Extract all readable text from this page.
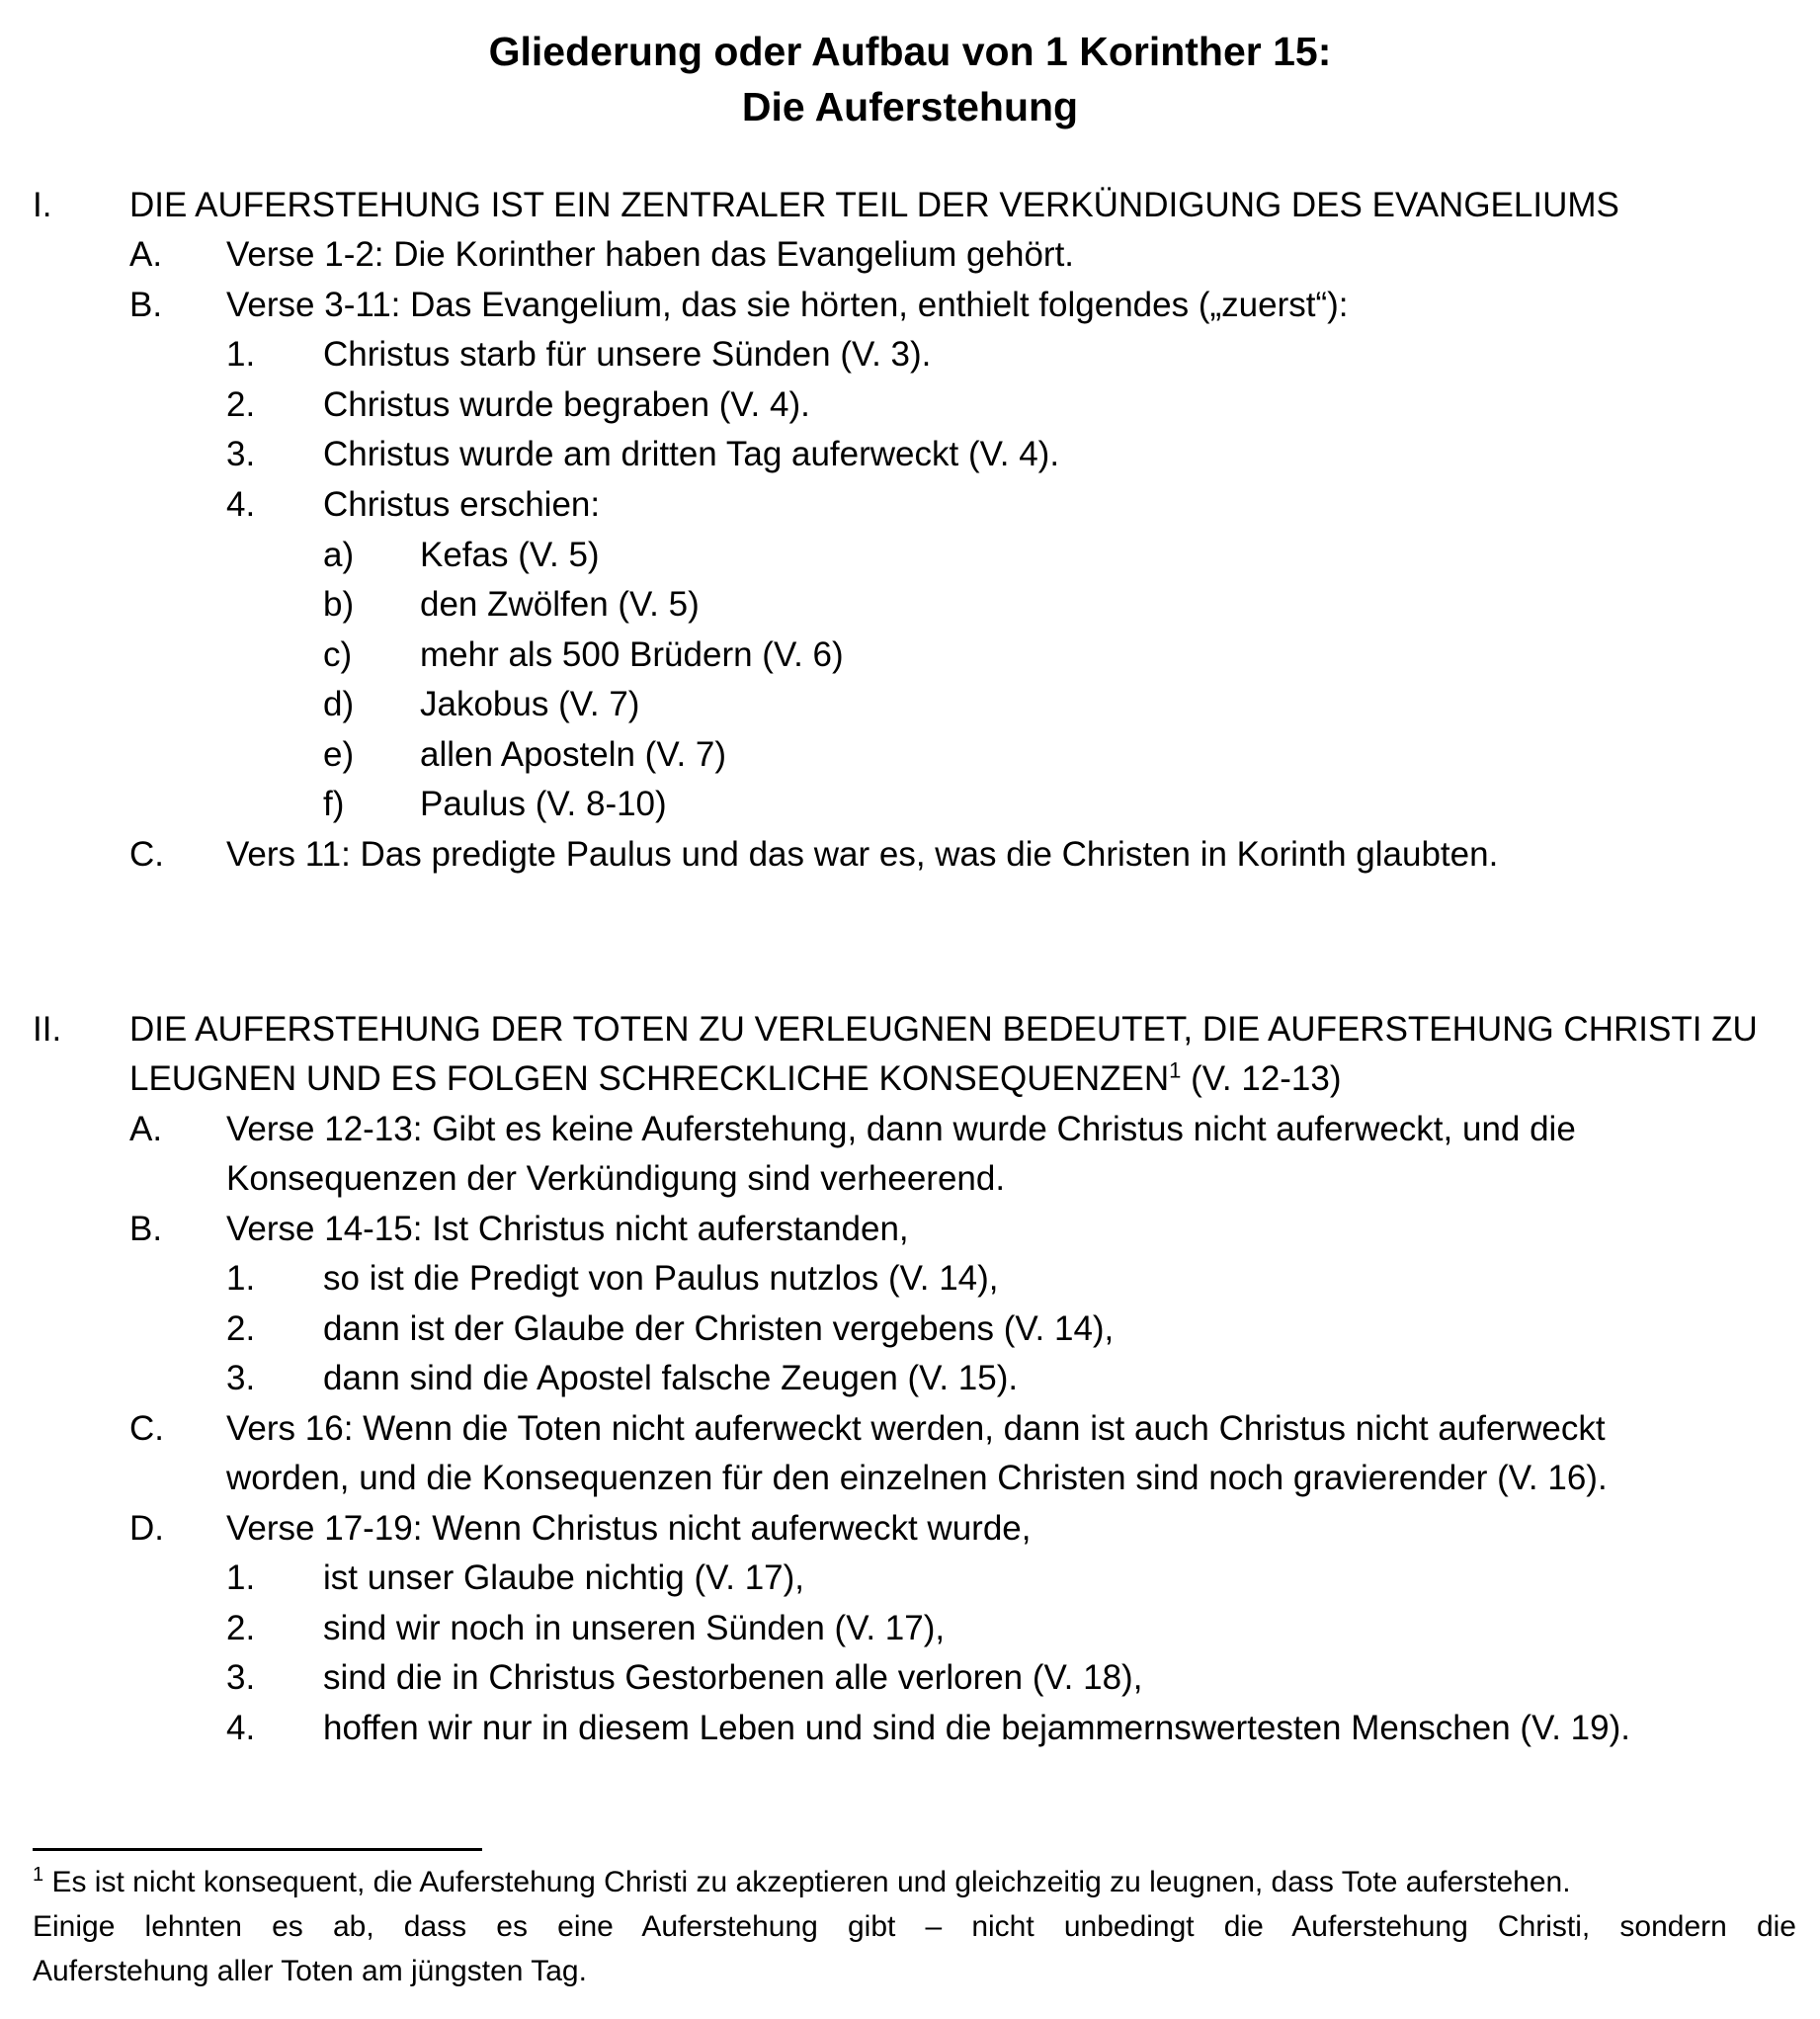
Gliederung oder Aufbau von 1 Korinther 15:
Die Auferstehung
I. DIE AUFERSTEHUNG IST EIN ZENTRALER TEIL DER VERKÜNDIGUNG DES EVANGELIUMS
A. Verse 1-2: Die Korinther haben das Evangelium gehört.
B. Verse 3-11: Das Evangelium, das sie hörten, enthielt folgendes („zuerst“):
1. Christus starb für unsere Sünden (V. 3).
2. Christus wurde begraben (V. 4).
3. Christus wurde am dritten Tag auferweckt (V. 4).
4. Christus erschien:
a) Kefas (V. 5)
b) den Zwölfen (V. 5)
c) mehr als 500 Brüdern (V. 6)
d) Jakobus (V. 7)
e) allen Aposteln (V. 7)
f) Paulus (V. 8-10)
C. Vers 11: Das predigte Paulus und das war es, was die Christen in Korinth glaubten.
II. DIE AUFERSTEHUNG DER TOTEN ZU VERLEUGNEN BEDEUTET, DIE AUFERSTEHUNG CHRISTI ZU
LEUGNEN UND ES FOLGEN SCHRECKLICHE KONSEQUENZEN$^1$ (V. 12-13)
A. Verse 12-13: Gibt es keine Auferstehung, dann wurde Christus nicht auferweckt, und die
Konsequenzen der Verkündigung sind verheerend.
B. Verse 14-15: Ist Christus nicht auferstanden,
1. so ist die Predigt von Paulus nutzlos (V. 14),
2. dann ist der Glaube der Christen vergebens (V. 14),
3. dann sind die Apostel falsche Zeugen (V. 15).
C. Vers 16: Wenn die Toten nicht auferweckt werden, dann ist auch Christus nicht auferweckt
worden, und die Konsequenzen für den einzelnen Christen sind noch gravierender (V. 16).
D. Verse 17-19: Wenn Christus nicht auferweckt wurde,
1. ist unser Glaube nichtig (V. 17),
2. sind wir noch in unseren Sünden (V. 17),
3. sind die in Christus Gestorbenen alle verloren (V. 18),
4. hoffen wir nur in diesem Leben und sind die bejammernswertesten Menschen (V. 19).
$^1$ Es ist nicht konsequent, die Auferstehung Christi zu akzeptieren und gleichzeitig zu leugnen, dass Tote auferstehen.
Einige lehnten es ab, dass es eine Auferstehung gibt – nicht unbedingt die Auferstehung Christi, sondern die
Auferstehung aller Toten am jüngsten Tag.
